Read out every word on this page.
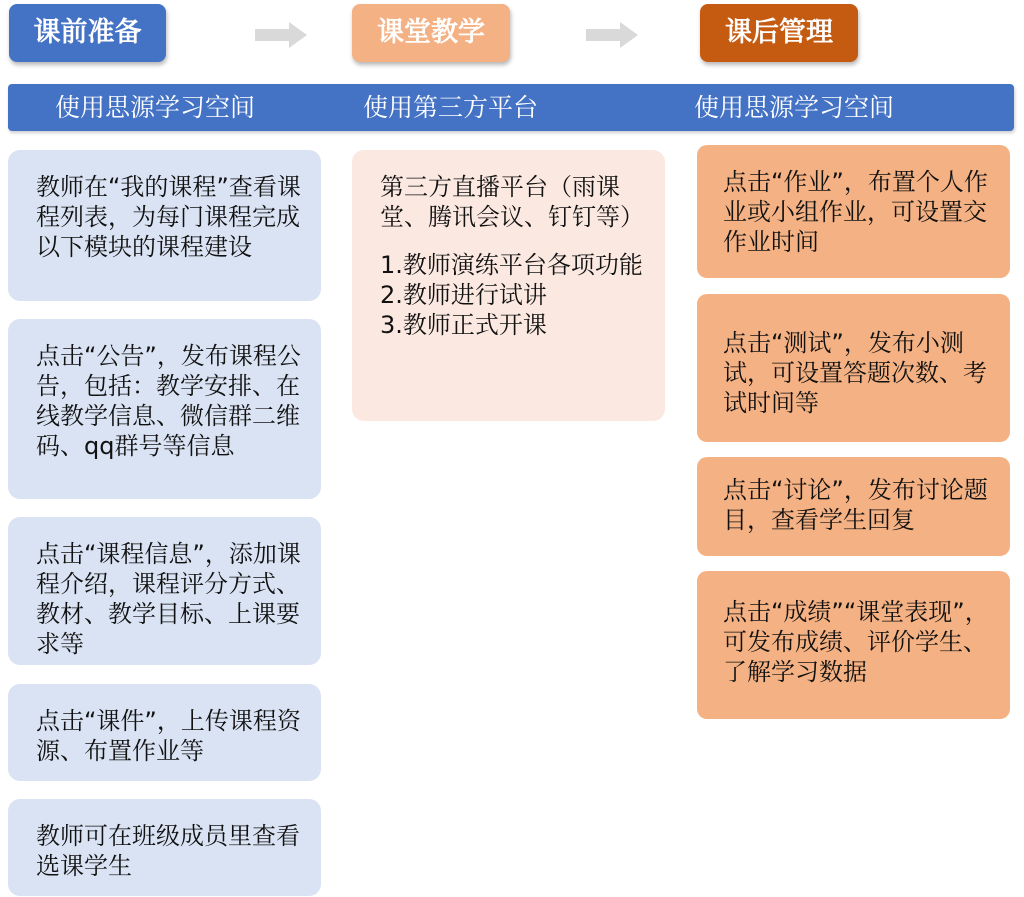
课前准备	课堂教学	课后管理
使用思源学习空间	使用第三方平台	使用思源学习空间
教师在“我的课程”查看课程列表，为每门课程完成以下模块的课程建设
点击“公告”，发布课程公告，包括：教学安排、在线教学信息、微信群二维码、qq群号等信息
点击“课程信息”，添加课程介绍，课程评分方式、教材、教学目标、上课要求等
点击“课件”，上传课程资源、布置作业等
教师可在班级成员里查看选课学生
第三方直播平台（雨课堂、腾讯会议、钉钉等）
1.教师演练平台各项功能
2.教师进行试讲
3.教师正式开课
点击“作业”，布置个人作业或小组作业，可设置交作业时间
点击“测试”，发布小测试，可设置答题次数、考试时间等
点击“讨论”，发布讨论题目，查看学生回复
点击“成绩”“课堂表现”，可发布成绩、评价学生、了解学习数据
